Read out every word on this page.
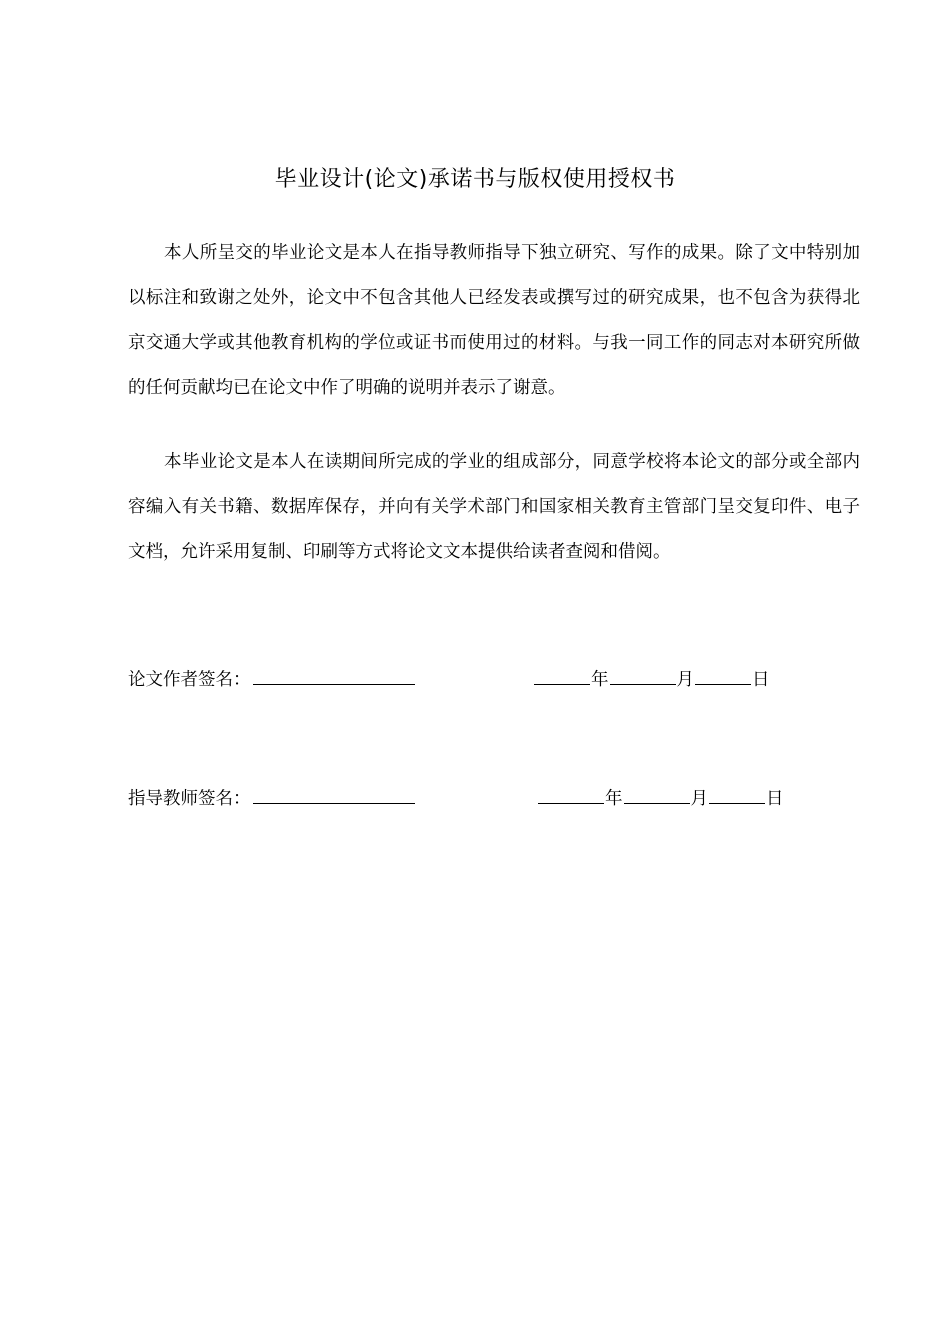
毕业设计(论文)承诺书与版权使用授权书

本人所呈交的毕业论文是本人在指导教师指导下独立研究、写作的成果。除了文中特别加以标注和致谢之处外，论文中不包含其他人已经发表或撰写过的研究成果，也不包含为获得北京交通大学或其他教育机构的学位或证书而使用过的材料。与我一同工作的同志对本研究所做的任何贡献均已在论文中作了明确的说明并表示了谢意。

本毕业论文是本人在读期间所完成的学业的组成部分，同意学校将本论文的部分或全部内容编入有关书籍、数据库保存，并向有关学术部门和国家相关教育主管部门呈交复印件、电子文档，允许采用复制、印刷等方式将论文文本提供给读者查阅和借阅。

论文作者签名：	年	月	日
指导教师签名：	年	月	日
